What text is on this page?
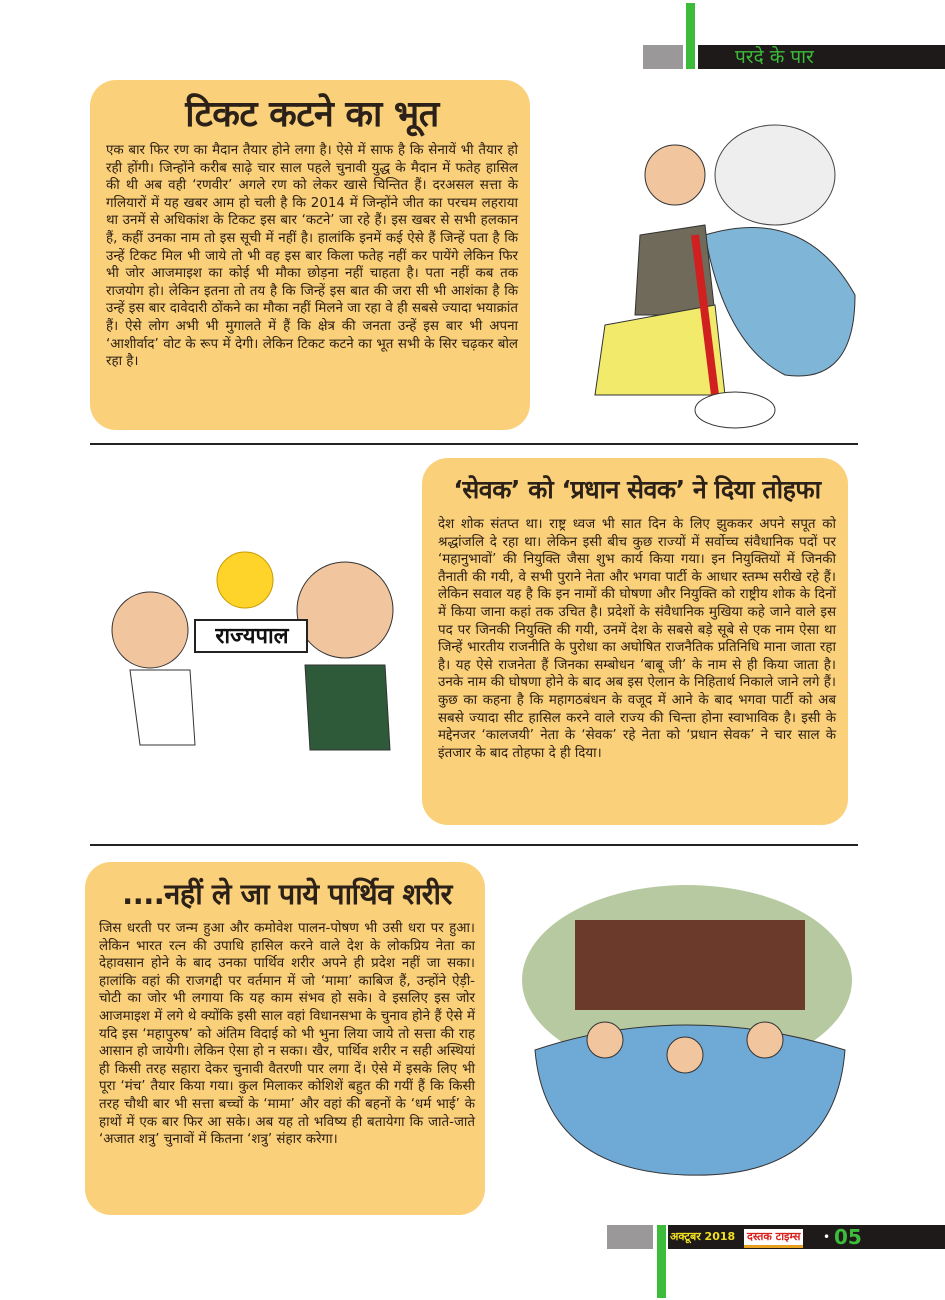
परदे के पार
टिकट कटने का भूत

एक बार फिर रण का मैदान तैयार होने लगा है। ऐसे में साफ है कि सेनायें भी तैयार हो रही होंगी। जिन्होंने करीब साढ़े चार साल पहले चुनावी युद्ध के मैदान में फतेह हासिल की थी अब वही ‘रणवीर’ अगले रण को लेकर खासे चिन्तित हैं। दरअसल सत्ता के गलियारों में यह खबर आम हो चली है कि 2014 में जिन्होंने जीत का परचम लहराया था उनमें से अधिकांश के टिकट इस बार ‘कटने’ जा रहे हैं। इस खबर से सभी हलकान हैं, कहीं उनका नाम तो इस सूची में नहीं है। हालांकि इनमें कई ऐसे हैं जिन्हें पता है कि उन्हें टिकट मिल भी जाये तो भी वह इस बार किला फतेह नहीं कर पायेंगे लेकिन फिर भी जोर आजमाइश का कोई भी मौका छोड़ना नहीं चाहता है। पता नहीं कब तक राजयोग हो। लेकिन इतना तो तय है कि जिन्हें इस बात की जरा सी भी आशंका है कि उन्हें इस बार दावेदारी ठोंकने का मौका नहीं मिलने जा रहा वे ही सबसे ज्यादा भयाक्रांत हैं। ऐसे लोग अभी भी मुगालते में हैं कि क्षेत्र की जनता उन्हें इस बार भी अपना ‘आशीर्वाद’ वोट के रूप में देगी। लेकिन टिकट कटने का भूत सभी के सिर चढ़कर बोल रहा है।

‘सेवक’ को ‘प्रधान सेवक’ ने दिया तोहफा

देश शोक संतप्त था। राष्ट्र ध्वज भी सात दिन के लिए झुककर अपने सपूत को श्रद्धांजलि दे रहा था। लेकिन इसी बीच कुछ राज्यों में सर्वोच्च संवैधानिक पदों पर ‘महानुभावों’ की नियुक्ति जैसा शुभ कार्य किया गया। इन नियुक्तियों में जिनकी तैनाती की गयी, वे सभी पुराने नेता और भगवा पार्टी के आधार स्तम्भ सरीखे रहे हैं। लेकिन सवाल यह है कि इन नामों की घोषणा और नियुक्ति को राष्ट्रीय शोक के दिनों में किया जाना कहां तक उचित है। प्रदेशों के संवैधानिक मुखिया कहे जाने वाले इस पद पर जिनकी नियुक्ति की गयी, उनमें देश के सबसे बड़े सूबे से एक नाम ऐसा था जिन्हें भारतीय राजनीति के पुरोधा का अघोषित राजनैतिक प्रतिनिधि माना जाता रहा है। यह ऐसे राजनेता हैं जिनका सम्बोधन ‘बाबू जी’ के नाम से ही किया जाता है। उनके नाम की घोषणा होने के बाद अब इस ऐलान के निहितार्थ निकाले जाने लगे हैं। कुछ का कहना है कि महागठबंधन के वजूद में आने के बाद भगवा पार्टी को अब सबसे ज्यादा सीट हासिल करने वाले राज्य की चिन्ता होना स्वाभाविक है। इसी के मद्देनजर ‘कालजयी’ नेता के ‘सेवक’ रहे नेता को ‘प्रधान सेवक’ ने चार साल के इंतजार के बाद तोहफा दे ही दिया।

राज्यपाल
....नहीं ले जा पाये पार्थिव शरीर

जिस धरती पर जन्म हुआ और कमोवेश पालन-पोषण भी उसी धरा पर हुआ। लेकिन भारत रत्न की उपाधि हासिल करने वाले देश के लोकप्रिय नेता का देहावसान होने के बाद उनका पार्थिव शरीर अपने ही प्रदेश नहीं जा सका। हालांकि वहां की राजगद्दी पर वर्तमान में जो ‘मामा’ काबिज हैं, उन्होंने ऐड़ी-चोटी का जोर भी लगाया कि यह काम संभव हो सके। वे इसलिए इस जोर आजमाइश में लगे थे क्योंकि इसी साल वहां विधानसभा के चुनाव होने हैं ऐसे में यदि इस ‘महापुरुष’ को अंतिम विदाई को भी भुना लिया जाये तो सत्ता की राह आसान हो जायेगी। लेकिन ऐसा हो न सका। खैर, पार्थिव शरीर न सही अस्थियां ही किसी तरह सहारा देकर चुनावी वैतरणी पार लगा दें। ऐसे में इसके लिए भी पूरा ‘मंच’ तैयार किया गया। कुल मिलाकर कोशिशें बहुत की गयीं हैं कि किसी तरह चौथी बार भी सत्ता बच्चों के ‘मामा’ और वहां की बहनों के ‘धर्म भाई’ के हाथों में एक बार फिर आ सके। अब यह तो भविष्य ही बतायेगा कि जाते-जाते ‘अजात शत्रु’ चुनावों में कितना ‘शत्रु’ संहार करेगा।

अक्टूबर 2018 दस्तक टाइम्स • 05
